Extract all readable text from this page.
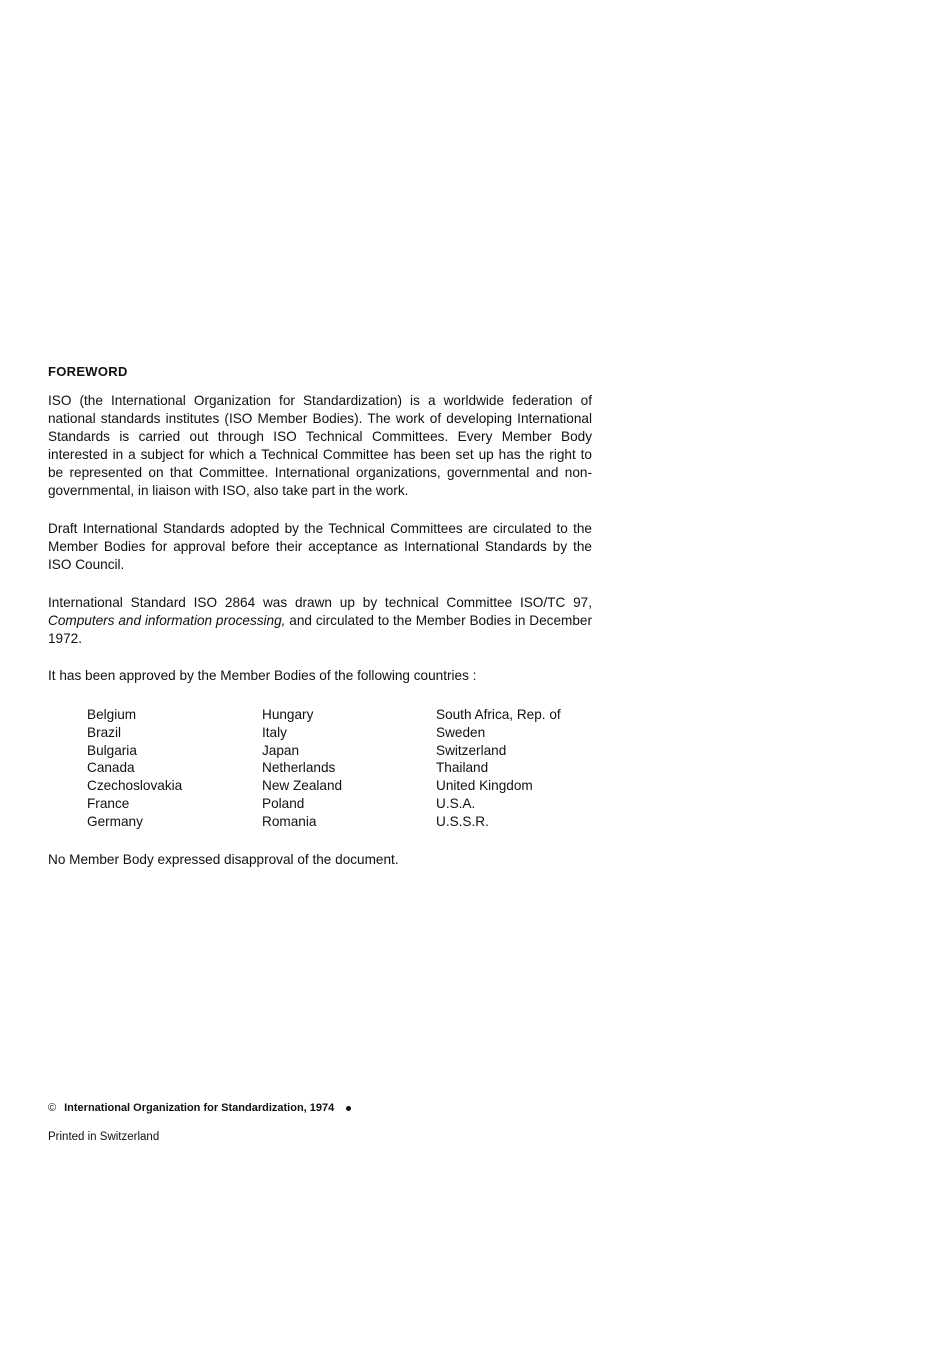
FOREWORD

ISO (the International Organization for Standardization) is a worldwide federation of national standards institutes (ISO Member Bodies). The work of developing International Standards is carried out through ISO Technical Committees. Every Member Body interested in a subject for which a Technical Committee has been set up has the right to be represented on that Committee. International organizations, governmental and non-governmental, in liaison with ISO, also take part in the work.

Draft International Standards adopted by the Technical Committees are circulated to the Member Bodies for approval before their acceptance as International Standards by the ISO Council.

International Standard ISO 2864 was drawn up by technical Committee ISO/TC 97, Computers and information processing, and circulated to the Member Bodies in December 1972.

It has been approved by the Member Bodies of the following countries :

Belgium
Brazil
Bulgaria
Canada
Czechoslovakia
France
Germany
Hungary
Italy
Japan
Netherlands
New Zealand
Poland
Romania
South Africa, Rep. of
Sweden
Switzerland
Thailand
United Kingdom
U.S.A.
U.S.S.R.
No Member Body expressed disapproval of the document.
© International Organization for Standardization, 1974
Printed in Switzerland
